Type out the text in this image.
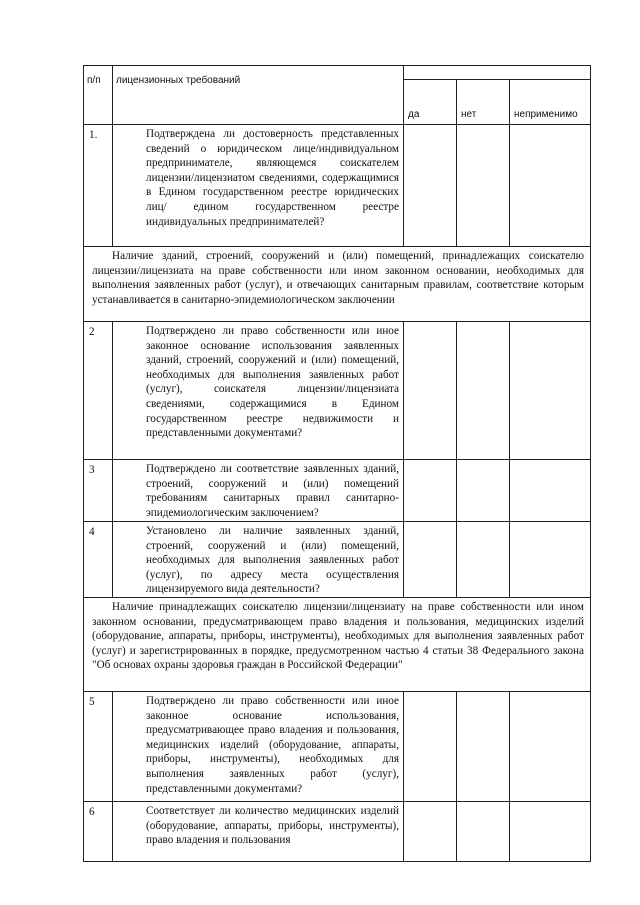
п/п	лицензионных требований			
		да	нет	неприменимо
1.	Подтверждена ли достоверность представленных сведений о юридическом лице/индивидуальном предпринимателе, являющемся соискателем лицензии/лицензиатом сведениями, содержащимися в Едином государственном реестре юридических лиц/ едином государственном реестре индивидуальных предпринимателей?			

Наличие зданий, строений, сооружений и (или) помещений, принадлежащих соискателю лицензии/лицензиата на праве собственности или ином законном основании, необходимых для выполнения заявленных работ (услуг), и отвечающих санитарным правилам, соответствие которым устанавливается в санитарно-эпидемиологическом заключении				
2	Подтверждено ли право собственности или иное законное основание использования заявленных зданий, строений, сооружений и (или) помещений, необходимых для выполнения заявленных работ (услуг), соискателя лицензии/лицензиата сведениями, содержащимися в Едином государственном реестре недвижимости и представленными документами?			

3	Подтверждено ли соответствие заявленных зданий, строений, сооружений и (или) помещений требованиям санитарных правил санитарно-эпидемиологическим заключением?			

4	Установлено ли наличие заявленных зданий, строений, сооружений и (или) помещений, необходимых для выполнения заявленных работ (услуг), по адресу места осуществления лицензируемого вида деятельности?			

Наличие принадлежащих соискателю лицензии/лицензиату на праве собственности или ином законном основании, предусматривающем право владения и пользования, медицинских изделий (оборудование, аппараты, приборы, инструменты), необходимых для выполнения заявленных работ (услуг) и зарегистрированных в порядке, предусмотренном частью 4 статьи 38 Федерального закона "Об основах охраны здоровья граждан в Российской Федерации"				
5	Подтверждено ли право собственности или иное законное основание использования, предусматривающее право владения и пользования, медицинских изделий (оборудование, аппараты, приборы, инструменты), необходимых для выполнения заявленных работ (услуг), представленными документами?			

6	Соответствует ли количество медицинских изделий (оборудование, аппараты, приборы, инструменты), право владения и пользования			
